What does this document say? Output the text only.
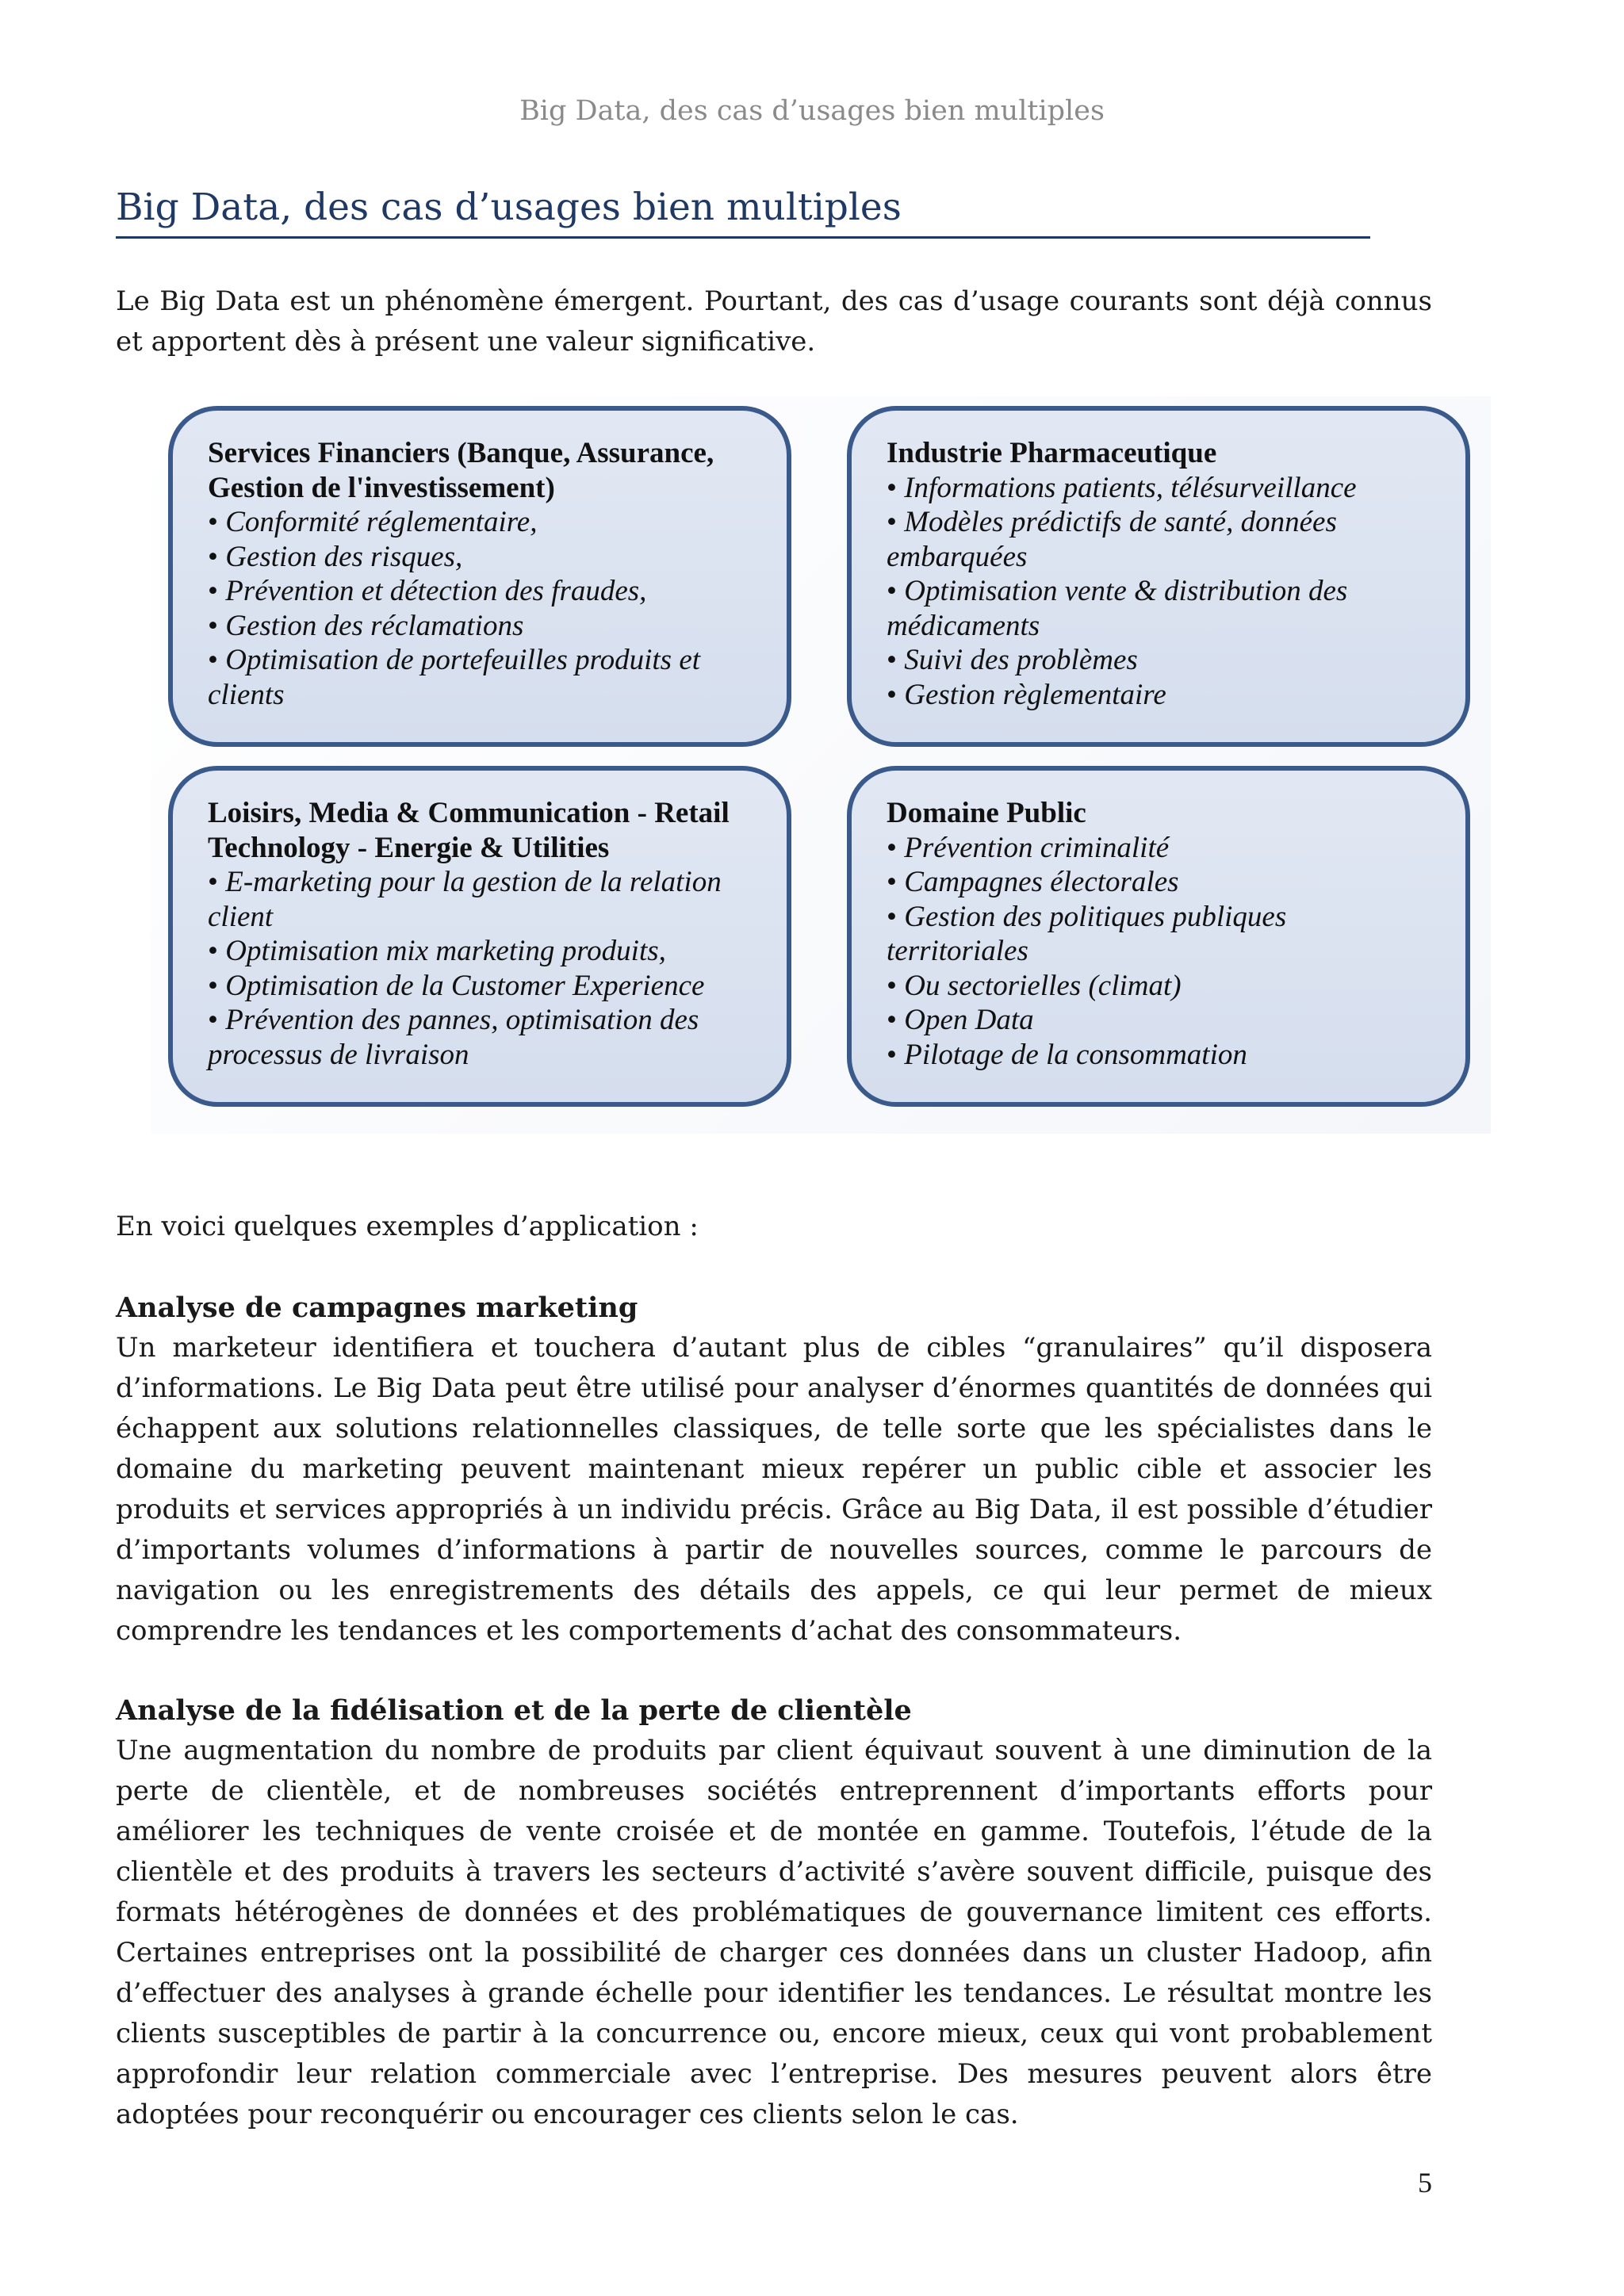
Big Data, des cas d’usages bien multiples
Big Data, des cas d’usages bien multiples

Le Big Data est un phénomène émergent. Pourtant, des cas d’usage courants sont déjà connus et apportent dès à présent une valeur significative.

Services Financiers (Banque, Assurance, Gestion de l'investissement)

• Conformité réglementaire,
• Gestion des risques,
• Prévention et détection des fraudes,
• Gestion des réclamations
• Optimisation de portefeuilles produits et clients

Industrie Pharmaceutique

• Informations patients, télésurveillance
• Modèles prédictifs de santé, données embarquées
• Optimisation vente & distribution des médicaments
• Suivi des problèmes
• Gestion règlementaire

Loisirs, Media & Communication - Retail Technology - Energie & Utilities

• E-marketing pour la gestion de la relation client
• Optimisation mix marketing produits,
• Optimisation de la Customer Experience
• Prévention des pannes, optimisation des processus de livraison

Domaine Public

• Prévention criminalité
• Campagnes électorales
• Gestion des politiques publiques territoriales
• Ou sectorielles (climat)
• Open Data
• Pilotage de la consommation
En voici quelques exemples d’application :
Analyse de campagnes marketing

Un marketeur identifiera et touchera d’autant plus de cibles “granulaires” qu’il disposera d’informations. Le Big Data peut être utilisé pour analyser d’énormes quantités de données qui échappent aux solutions relationnelles classiques, de telle sorte que les spécialistes dans le domaine du marketing peuvent maintenant mieux repérer un public cible et associer les produits et services appropriés à un individu précis. Grâce au Big Data, il est possible d’étudier d’importants volumes d’informations à partir de nouvelles sources, comme le parcours de navigation ou les enregistrements des détails des appels, ce qui leur permet de mieux comprendre les tendances et les comportements d’achat des consommateurs.

Analyse de la fidélisation et de la perte de clientèle

Une augmentation du nombre de produits par client équivaut souvent à une diminution de la perte de clientèle, et de nombreuses sociétés entreprennent d’importants efforts pour améliorer les techniques de vente croisée et de montée en gamme. Toutefois, l’étude de la clientèle et des produits à travers les secteurs d’activité s’avère souvent difficile, puisque des formats hétérogènes de données et des problématiques de gouvernance limitent ces efforts. Certaines entreprises ont la possibilité de charger ces données dans un cluster Hadoop, afin d’effectuer des analyses à grande échelle pour identifier les tendances. Le résultat montre les clients susceptibles de partir à la concurrence ou, encore mieux, ceux qui vont probablement approfondir leur relation commerciale avec l’entreprise. Des mesures peuvent alors être adoptées pour reconquérir ou encourager ces clients selon le cas.

5
